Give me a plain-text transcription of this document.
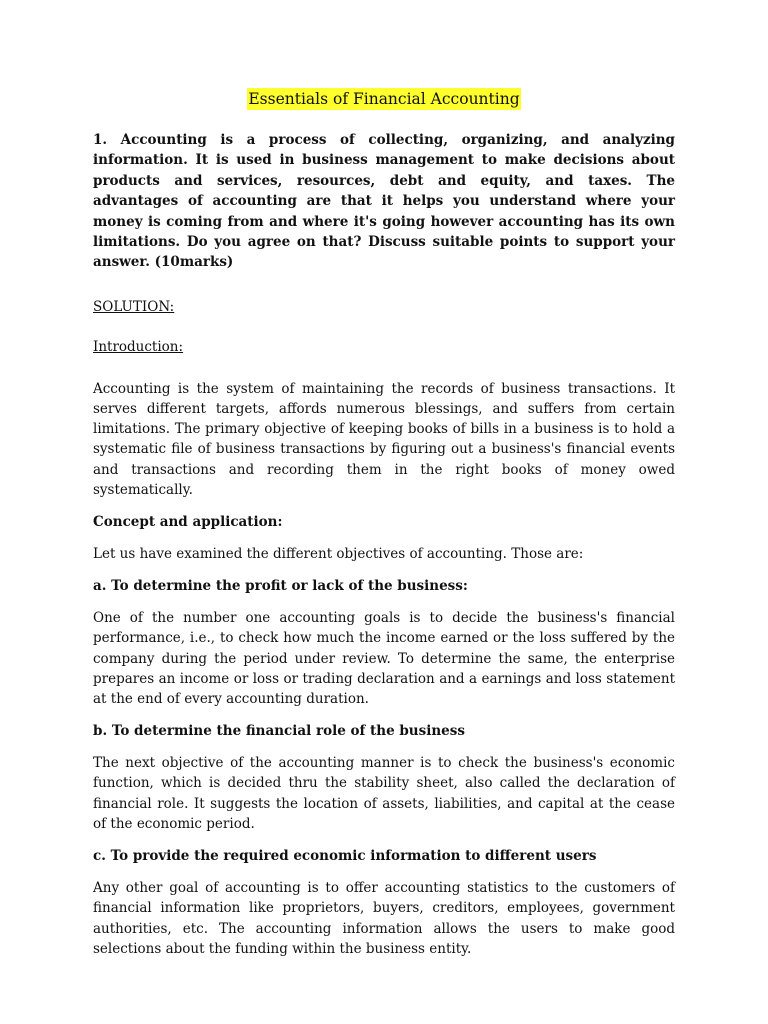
Essentials of Financial Accounting

1. Accounting is a process of collecting, organizing, and analyzing information. It is used in business management to make decisions about products and services, resources, debt and equity, and taxes. The advantages of accounting are that it helps you understand where your money is coming from and where it's going however accounting has its own limitations. Do you agree on that? Discuss suitable points to support your answer. (10marks)

SOLUTION:
Introduction:

Accounting is the system of maintaining the records of business transactions. It serves different targets, affords numerous blessings, and suffers from certain limitations. The primary objective of keeping books of bills in a business is to hold a systematic file of business transactions by figuring out a business's financial events and transactions and recording them in the right books of money owed systematically.

Concept and application:

Let us have examined the different objectives of accounting. Those are:

a. To determine the profit or lack of the business:

One of the number one accounting goals is to decide the business's financial performance, i.e., to check how much the income earned or the loss suffered by the company during the period under review. To determine the same, the enterprise prepares an income or loss or trading declaration and a earnings and loss statement at the end of every accounting duration.

b. To determine the financial role of the business

The next objective of the accounting manner is to check the business's economic function, which is decided thru the stability sheet, also called the declaration of financial role. It suggests the location of assets, liabilities, and capital at the cease of the economic period.

c. To provide the required economic information to different users

Any other goal of accounting is to offer accounting statistics to the customers of financial information like proprietors, buyers, creditors, employees, government authorities, etc. The accounting information allows the users to make good selections about the funding within the business entity.
